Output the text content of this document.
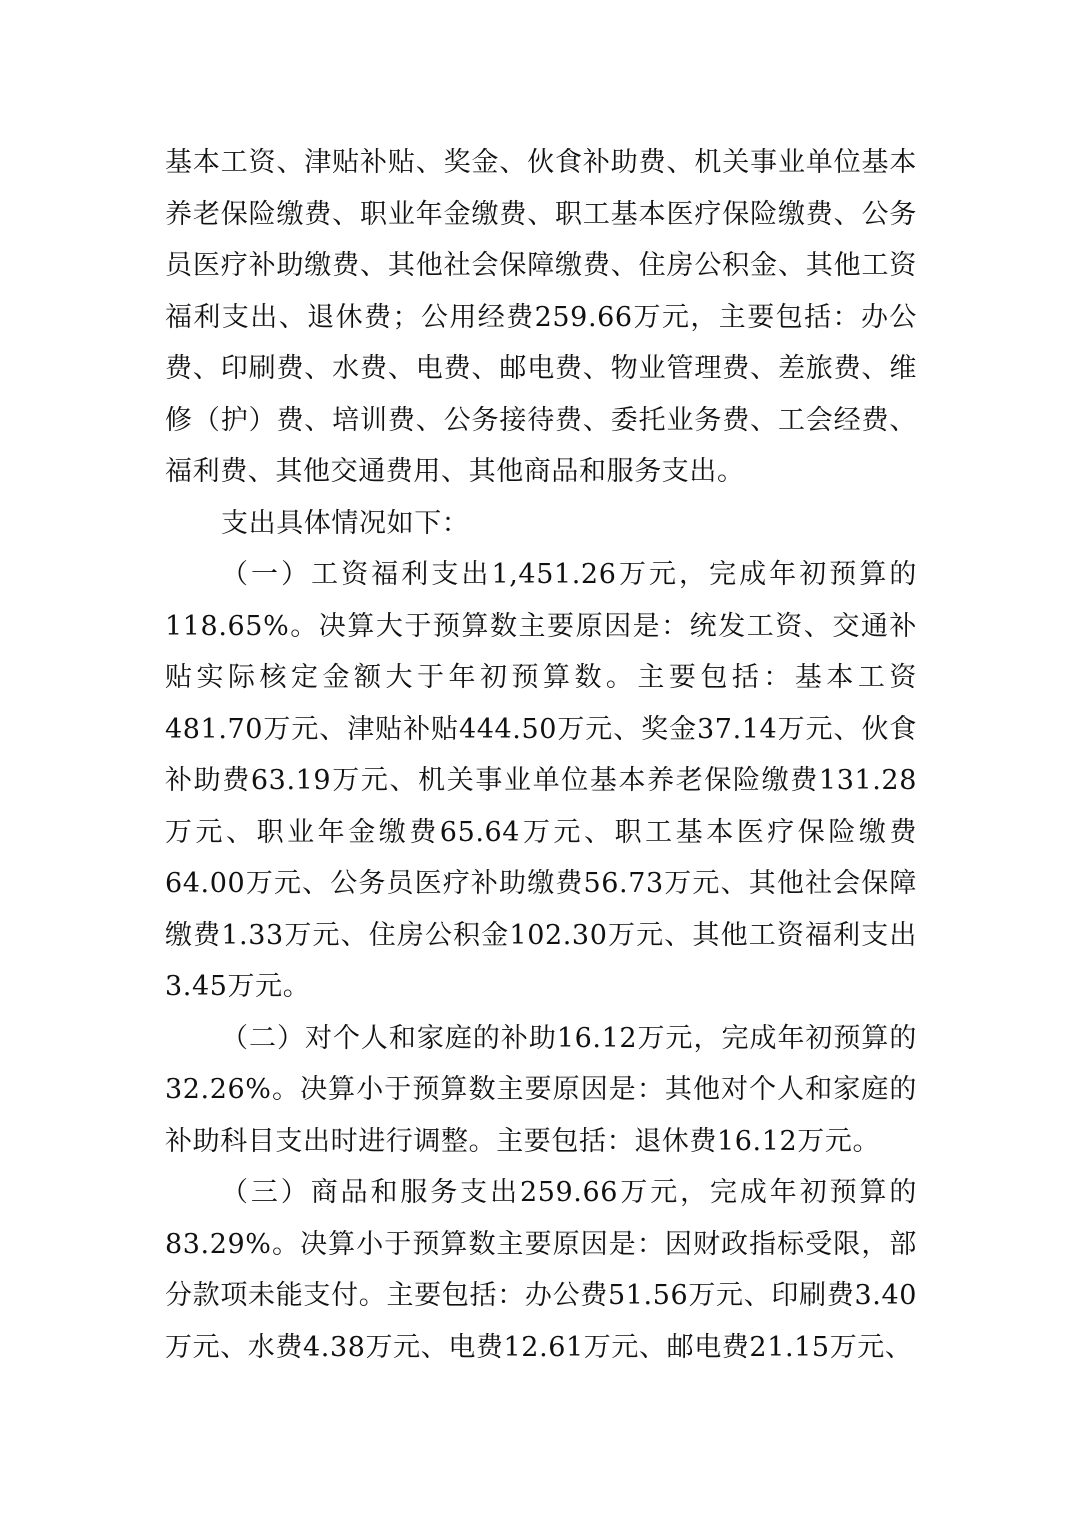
基本工资、津贴补贴、奖金、伙食补助费、机关事业单位基本养老保险缴费、职业年金缴费、职工基本医疗保险缴费、公务员医疗补助缴费、其他社会保障缴费、住房公积金、其他工资福利支出、退休费；公用经费259.66万元，主要包括：办公费、印刷费、水费、电费、邮电费、物业管理费、差旅费、维修（护）费、培训费、公务接待费、委托业务费、工会经费、福利费、其他交通费用、其他商品和服务支出。

支出具体情况如下：

（一）工资福利支出1,451.26万元，完成年初预算的118.65%。决算大于预算数主要原因是：统发工资、交通补贴实际核定金额大于年初预算数。主要包括：基本工资481.70万元、津贴补贴444.50万元、奖金37.14万元、伙食补助费63.19万元、机关事业单位基本养老保险缴费131.28万元、职业年金缴费65.64万元、职工基本医疗保险缴费64.00万元、公务员医疗补助缴费56.73万元、其他社会保障缴费1.33万元、住房公积金102.30万元、其他工资福利支出3.45万元。

（二）对个人和家庭的补助16.12万元，完成年初预算的32.26%。决算小于预算数主要原因是：其他对个人和家庭的补助科目支出时进行调整。主要包括：退休费16.12万元。

（三）商品和服务支出259.66万元，完成年初预算的83.29%。决算小于预算数主要原因是：因财政指标受限，部分款项未能支付。主要包括：办公费51.56万元、印刷费3.40万元、水费4.38万元、电费12.61万元、邮电费21.15万元、
